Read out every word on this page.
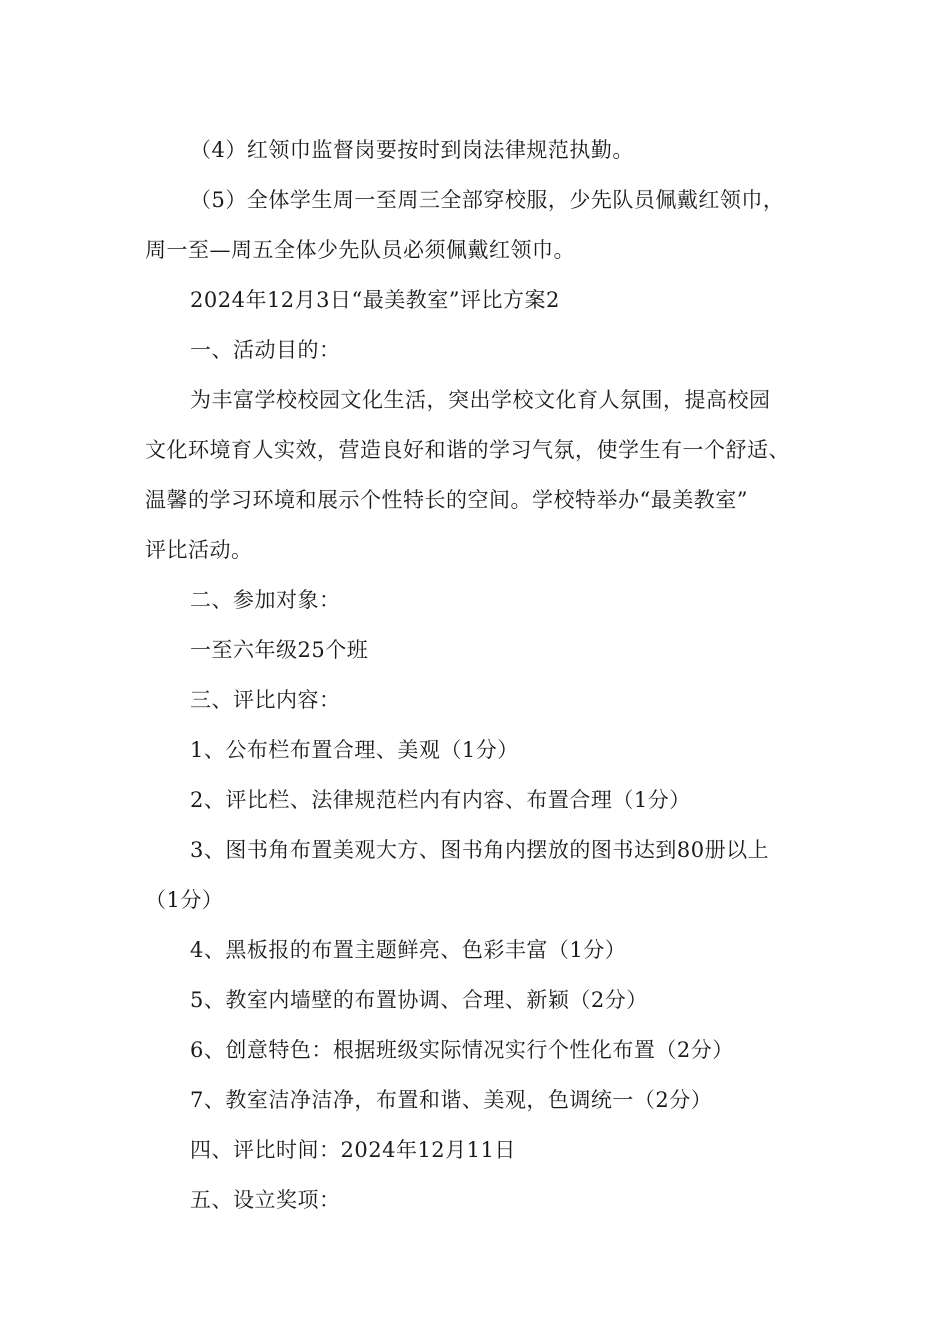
（4）红领巾监督岗要按时到岗法律规范执勤。
（5）全体学生周一至周三全部穿校服，少先队员佩戴红领巾，
周一至—周五全体少先队员必须佩戴红领巾。
2024年12月3日“最美教室”评比方案2
一、活动目的：
为丰富学校校园文化生活，突出学校文化育人氛围，提高校园
文化环境育人实效，营造良好和谐的学习气氛，使学生有一个舒适、
温馨的学习环境和展示个性特长的空间。学校特举办“最美教室”
评比活动。
二、参加对象：
一至六年级25个班
三、评比内容：
1、公布栏布置合理、美观（1分）
2、评比栏、法律规范栏内有内容、布置合理（1分）
3、图书角布置美观大方、图书角内摆放的图书达到80册以上
（1分）
4、黑板报的布置主题鲜亮、色彩丰富（1分）
5、教室内墙壁的布置协调、合理、新颖（2分）
6、创意特色：根据班级实际情况实行个性化布置（2分）
7、教室洁净洁净，布置和谐、美观，色调统一（2分）
四、评比时间：2024年12月11日
五、设立奖项：
